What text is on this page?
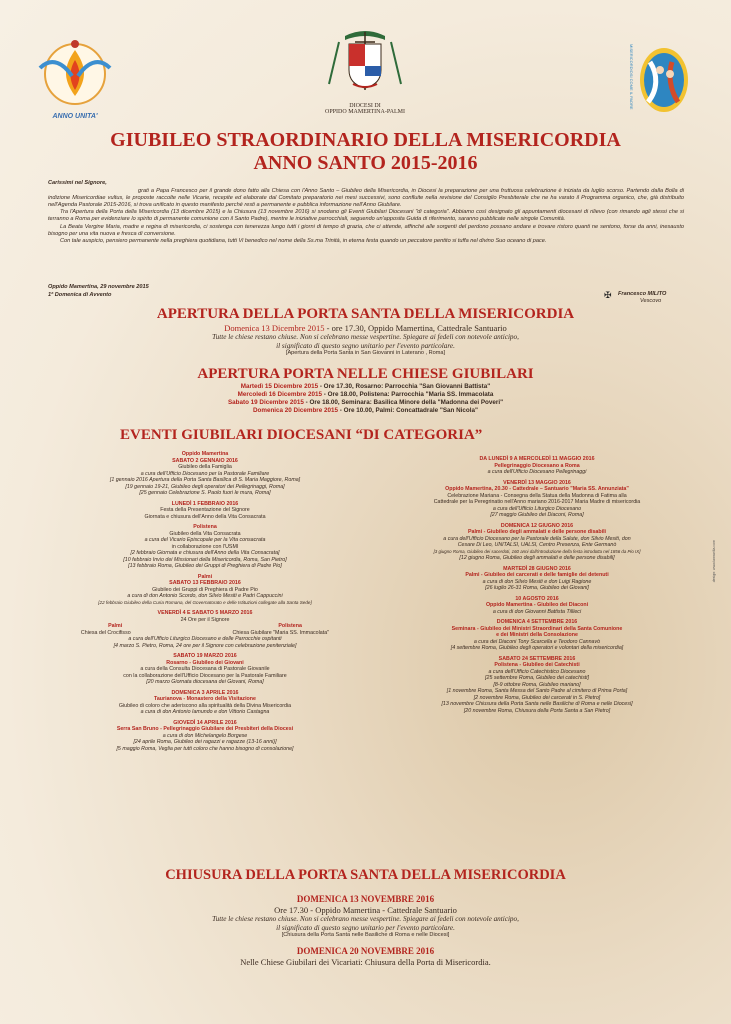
ANNO UNITA'
DIOCESI DI
OPPIDO MAMERTINA-PALMI
MISERICORDIOSI COME IL PADRE
GIUBILEO STRAORDINARIO DELLA MISERICORDIA
ANNO SANTO 2015-2016
Carissimi nel Signore,
grati a Papa Francesco per il grande dono fatto alla Chiesa con l'Anno Santo – Giubileo della Misericordia, in Diocesi la preparazione per una fruttuosa celebrazione è iniziata da luglio scorso. Partendo dalla Bolla di indizione Misericordiae vultus, le proposte raccolte nelle Vicarie, recepite ed elaborate dal Comitato preparatorio nei mesi successivi, sono confluite nella revisione del Consiglio Presbiterale che ne ha varato il Programma organico, che, già distribuito nell'Agenda Pastorale 2015-2016, si trova unificato in questo manifesto perché resti a permanente e pubblica informazione nell'Anno Giubilare.
Tra l'Apertura della Porta della Misericordia (13 dicembre 2015) e la Chiusura (13 novembre 2016) si snodano gli Eventi Giubilari Diocesani "di categoria". Abbiamo così designato gli appuntamenti diocesani di rilievo (con rimando agli stessi che si terranno a Roma per evidenziare lo spirito di permanente comunione con il Santo Padre), mentre le iniziative parrocchiali, seguendo un'apposita Guida di riferimento, saranno pubblicate nelle singole Comunità.
La Beata Vergine Maria, madre e regina di misericordia, ci sostenga con tenerezza lungo tutti i giorni di tempo di grazia, che ci attende, affinché alle sorgenti del perdono possano andare e trovare ristoro quanti ne sentono, forse da anni, inesausto bisogno per una vita nuova e fresca di conversione.
Con tale auspicio, pensiero permanente nella preghiera quotidiana, tutti Vi benedico nel nome della Ss.ma Trinità, in eterna festa quando un peccatore pentito si tuffa nel divino Suo oceano di pace.
Oppido Mamertina, 29 novembre 2015
1ª Domenica di Avvento	✠ Francesco MILITO
Vescovo
APERTURA DELLA PORTA SANTA DELLA MISERICORDIA
Domenica 13 Dicembre 2015 - ore 17.30, Oppido Mamertina, Cattedrale Santuario
Tutte le chiese restano chiuse. Non si celebrano messe vespertine. Spiegare ai fedeli con notevole anticipo,
il significato di questo segno unitario per l'evento particolare.
[Apertura della Porta Santa in San Giovanni in Laterano , Roma]
APERTURA PORTA NELLE CHIESE GIUBILARI
Martedì 15 Dicembre 2015 - Ore 17.30, Rosarno: Parrocchia "San Giovanni Battista"
Mercoledì 16 Dicembre 2015 - Ore 18.00, Polistena: Parrocchia "Maria SS. Immacolata
Sabato 19 Dicembre 2015 - Ore 18.00, Seminara: Basilica Minore della "Madonna dei Poveri"
Domenica 20 Dicembre 2015 - Ore 10.00, Palmi: Concattadrale "San Nicola"
EVENTI GIUBILARI DIOCESANI “DI CATEGORIA”
Oppido Mamertina
SABATO 2 GENNAIO 2016
Giubileo della Famiglia
a cura dell'Ufficio Diocesano per la Pastorale Familiare
[1 gennaio 2016 Apertura della Porta Santa Basilica di S. Maria Maggiore, Roma]
[19 gennaio 19-21, Giubileo degli operatori dei Pellegrinaggi, Roma]
[25 gennaio Celebrazione S. Paolo fuori le mura, Roma]
LUNEDÌ 1 FEBBRAIO 2016
Festa della Presentazione del Signore
Giornata e chiusura dell'Anno della Vita Consacrata
Polistena
Giubileo della Vita Consacrata
a cura del Vicario Episcopale per la Vita consacrata
in collaborazione con l'USMI
[2 febbraio Giornata e chiusura dell'Anno della Vita Consacrata]
[10 febbraio Invio dei Missionari della Misericordia, Roma, San Pietro]
[13 febbraio Roma, Giubileo dei Gruppi di Preghiera di Padre Pio]
Palmi
SABATO 13 FEBBRAIO 2016
Giubileo dei Gruppi di Preghiera di Padre Pio
a cura di don Antonio Scordo, don Silvio Mesiti e Padri Cappuccini
[22 febbraio Giubileo della Curia Romana, del Governatorato e delle Istituzioni collegate alla Santa Sede]
VENERDÌ 4 E SABATO 5 MARZO 2016
24 Ore per il Signore
Palmi	Polistena
Chiesa del Crocifisso	Chiesa Giubilare "Maria SS. Immacolata"
a cura dell'Ufficio Liturgico Diocesano e delle Parrocchie ospitanti
[4 marzo S. Pietro, Roma, 24 ore per il Signore con celebrazione penitenziale]
SABATO 19 MARZO 2016
Rosarno - Giubileo dei Giovani
a cura della Consulta Diocesana di Pastorale Giovanile
con la collaborazione dell'Ufficio Diocesano per la Pastorale Familiare
[20 marzo Giornata diocesana dei Giovani, Roma]
DOMENICA 3 APRILE 2016
Taurianova - Monastero della Visitazione
Giubileo di coloro che aderiscono alla spiritualità della Divina Misericordia
a cura di don Antonio Iamundo e don Vittorio Castagna
GIOVEDÌ 14 APRILE 2016
Serra San Bruno - Pellegrinaggio Giubilare dei Presbiteri della Diocesi
a cura di don Michelangelo Borgese
[24 aprile Roma, Giubileo dei ragazzi e ragazze (13-16 anni)]
[5 maggio Roma, Veglia per tutti coloro che hanno bisogno di consolazione]
DA LUNEDÌ 9 A MERCOLEDÌ 11 MAGGIO 2016
Pellegrinaggio Diocesano a Roma
a cura dell'Ufficio Diocesano Pellegrinaggi
VENERDÌ 13 MAGGIO 2016
Oppido Mamertina, 20.30 - Cattedrale – Santuario "Maria SS. Annunziata"
Celebrazione Mariana - Consegna della Statua della Madonna di Fatima alla
Cattedrale per la Peregrinatio nell'Anno mariano 2016-2017 Maria Madre di misericordia
a cura dell'Ufficio Liturgico Diocesano
[27 maggio Giubileo dei Diaconi, Roma]
DOMENICA 12 GIUGNO 2016
Palmi - Giubileo degli ammalati e delle persone disabili
a cura dell'Ufficio Diocesano per la Pastorale della Salute, don Silvio Mesiti, don
Cesare Di Leo, UNITALSI, UALSI, Centro Presenza, Ente Germanò
[3 giugno Roma, Giubileo dei sacerdoti, 160 anni dall'introduzione della festa introdotta nel 1856 da Pio IX]
[12 giugno Roma, Giubileo degli ammalati e delle persone disabili]
MARTEDÌ 28 GIUGNO 2016
Palmi - Giubileo dei carcerati e delle famiglie dei detenuti
a cura di don Silvio Mesiti e don Luigi Ragione
[26 luglio 26-31 Roma, Giubileo dei Giovani]
10 AGOSTO 2016
Oppido Mamertina - Giubileo dei Diaconi
a cura di don Giovanni Battista Tillieci
DOMENICA 4 SETTEMBRE 2016
Seminara - Giubileo dei Ministri Straordinari della Santa Comunione
e dei Ministri della Consolazione
a cura dei Diaconi Tony Scarcella e Teodoro Cannavò
[4 settembre Roma, Giubileo degli operatori e volontari della misericordia]
SABATO 24 SETTEMBRE 2016
Polistena - Giubileo dei Catechisti
a cura dell'Ufficio Catechistico Diocesano
[25 settembre Roma, Giubileo dei catechisti]
[8-9 ottobre Roma, Giubileo mariano]
[1 novembre Roma, Santa Messa del Santo Padre al cimitero di Prima Porta]
[2 novembre Roma, Giubileo dei carcerati in S. Pietro]
[13 novembre Chiusura della Porta Santa nelle Basiliche di Roma e nelle Diocesi]
[20 novembre Roma, Chiusura della Porta Santa a San Pietro]
CHIUSURA DELLA PORTA SANTA DELLA MISERICORDIA
DOMENICA 13 NOVEMBRE 2016
Ore 17.30 - Oppido Mamertina - Cattedrale Santuario
Tutte le chiese restano chiuse. Non si celebrano messe vespertine. Spiegare ai fedeli con notevole anticipo,
il significato di questo segno unitario per l'evento particolare.
[Chiusura della Porta Santa nelle Basiliche di Roma e nelle Diocesi]
DOMENICA 20 NOVEMBRE 2016
Nelle Chiese Giubilari dei Vicariati: Chiusura della Porta di Misericordia.
design: www.lannarilla.com
